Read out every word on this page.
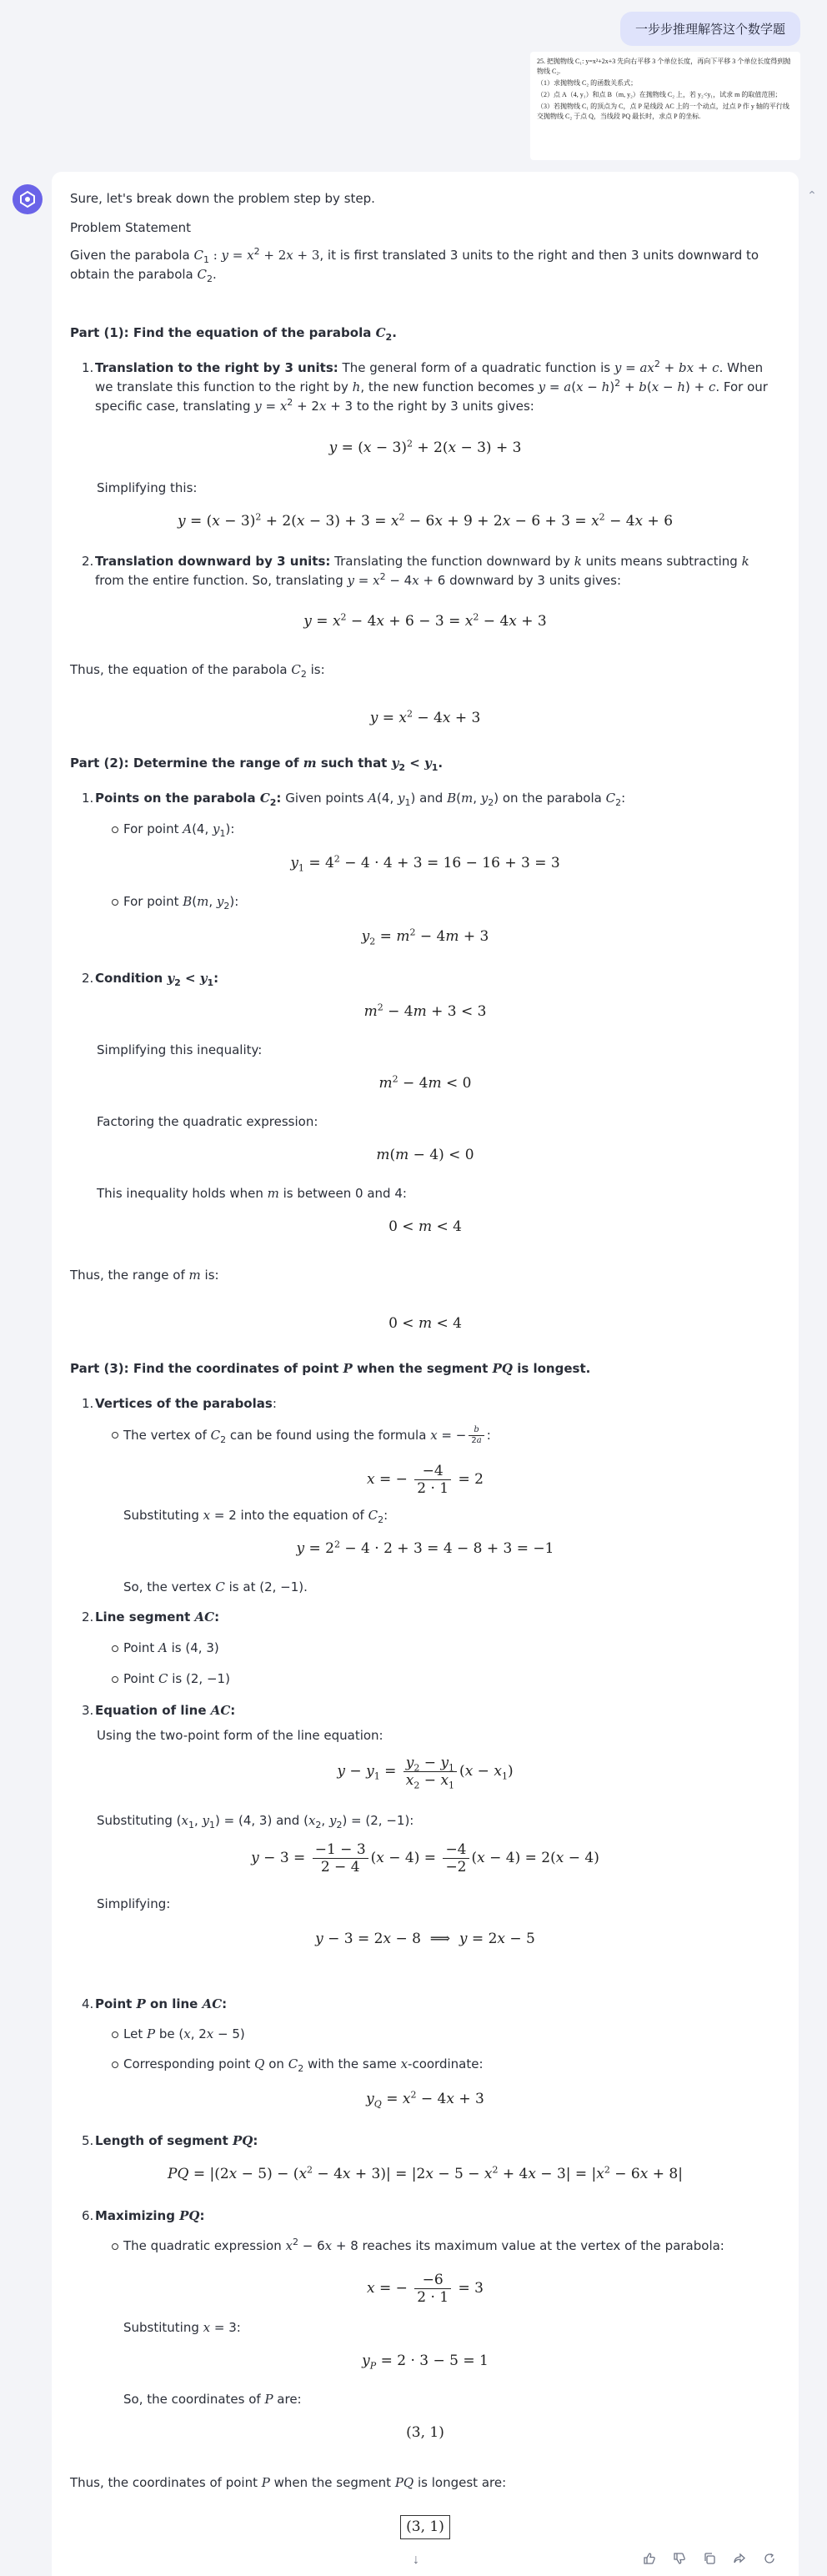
一步步推理解答这个数学题

25. 把抛物线 C₁: y=x²+2x+3 先向右平移 3 个单位长度，再向下平移 3 个单位长度得到抛物线 C₂.

（1）求抛物线 C₂ 的函数关系式；

（2）点 A（4, y₁）和点 B（m, y₂）在抛物线 C₂ 上，若 y₂<y₁，试求 m 的取值范围；

（3）若抛物线 C₁ 的顶点为 C，点 P 是线段 AC 上的一个动点，过点 P 作 y 轴的平行线交抛物线 C₂ 于点 Q，当线段 PQ 最长时，求点 P 的坐标.

⌃

Sure, let's break down the problem step by step.

Problem Statement

Given the parabola $C_1$ : $y = x^2 + 2x + 3$, it is first translated 3 units to the right and then 3 units downward to obtain the parabola $C_2$.

Part (1): Find the equation of the parabola $C_2$.

1. Translation to the right by 3 units: The general form of a quadratic function is $y = ax^2$ + bx + c. When we translate this function to the right by h, the new function becomes $y = a(x - h)^2 + b(x - h) + c$. For our specific case, translating $y = x^2 + 2x + 3$ to the right by 3 units gives:
$y = (x - 3)^2 + 2(x - 3) + 3$

Simplifying this:

$y = (x - 3)^2 + 2(x - 3) + 3 = x^2 - 6x + 9 + 2x - 6 + 3 = x^2 - 4x + 6$
2. Translation downward by 3 units: Translating the function downward by k units means subtracting k from the entire function. So, translating $y = x^2 - 4x + 6$ downward by 3 units gives:
$y = x^2 - 4x + 6 - 3 = x^2 - 4x + 3$

Thus, the equation of the parabola $C_2$ is:

$y = x^2 - 4x + 3$

Part (2): Determine the range of m such that $y_2 < y_1$.

1. Points on the parabola $C_2$: Given points A(4, $y_1$) and B(m, $y_2$) on the parabola $C_2$:

For point A(4, $y_1$):

$y_1 = 4^2 - 4 \cdot 4 + 3 = 16 - 16 + 3 = 3$

For point B(m, $y_2$):

$y_2 = m^2 - 4m + 3$
2. Condition $y_2 < y_1$:
$m^2 - 4m + 3 < 3$

Simplifying this inequality:

$m^2 - 4m < 0$

Factoring the quadratic expression:

m(m − 4) < 0

This inequality holds when m is between 0 and 4:

0 < m < 4

Thus, the range of m is:

0 < m < 4

Part (3): Find the coordinates of point P when the segment PQ is longest.

1. Vertices of the parabolas:

The vertex of $C_2$ can be found using the formula x = − $\frac{b}{2a}$ :

x = − $\frac{-4}{2 \cdot 1} = 2$

Substituting x = 2 into the equation of $C_2$:

$y = 2^2 - 4 \cdot 2 + 3 = 4 - 8 + 3 = -1$

So, the vertex C is at (2, −1).

2. Line segment AC:

Point A is (4, 3)

Point C is (2, −1)

3. Equation of line AC:

Using the two-point form of the line equation:

$y - y_1 = \frac{y_2 - y_1}{x_2 - x_1} (x - x_1)$

Substituting ($x_1$, $y_1) = (4$, 3) and ($x_2$, $y_2) = (2$, −1):

$y - 3 = \frac{-1 - 3}{2 - 4} (x - 4) = \frac{-4}{-2} (x - 4) = 2(x - 4)$

Simplifying:

y − 3 = 2x − 8  ⟹  y = 2x − 5
4. Point P on line AC:

Let P be (x, 2x − 5)

Corresponding point Q on $C_2$ with the same x-coordinate:

$y_Q = x^2 - 4x + 3$
5. Length of segment PQ:
PQ = $|(2x - 5) - (x^2 - 4x + 3)| = |2x - 5 - x^2 + 4x - 3| = |x^2 - 6x + 8|$
6. Maximizing PQ:

The quadratic expression $x^2 - 6x + 8$ reaches its maximum value at the vertex of the parabola:

x = − $\frac{-6}{2 \cdot 1} = 3$

Substituting x = 3:

$y_P = 2 \cdot 3 - 5 = 1$

So, the coordinates of P are:

(3, 1)

Thus, the coordinates of point P when the segment PQ is longest are:

(3, 1)
↓
